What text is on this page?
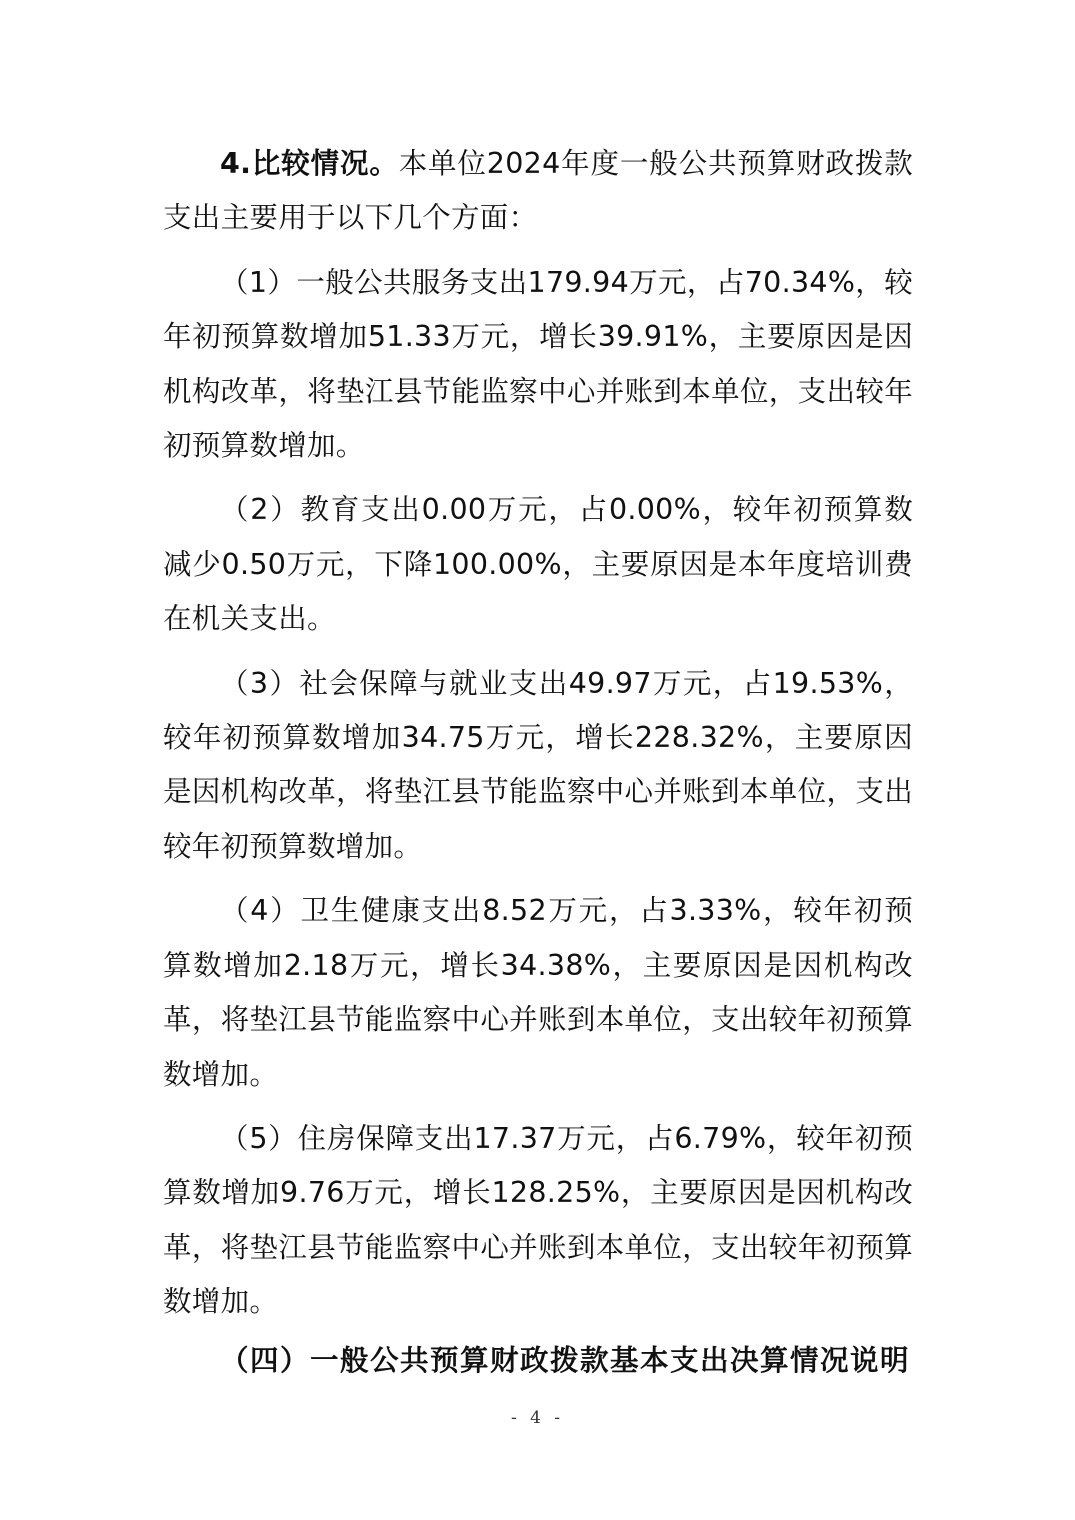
4.比较情况。本单位2024年度一般公共预算财政拨款支出主要用于以下几个方面：

（1）一般公共服务支出179.94万元，占70.34%，较年初预算数增加51.33万元，增长39.91%，主要原因是因机构改革，将垫江县节能监察中心并账到本单位，支出较年初预算数增加。

（2）教育支出0.00万元，占0.00%，较年初预算数减少0.50万元，下降100.00%，主要原因是本年度培训费在机关支出。

（3）社会保障与就业支出49.97万元，占19.53%，较年初预算数增加34.75万元，增长228.32%，主要原因是因机构改革，将垫江县节能监察中心并账到本单位，支出较年初预算数增加。

（4）卫生健康支出8.52万元，占3.33%，较年初预算数增加2.18万元，增长34.38%，主要原因是因机构改革，将垫江县节能监察中心并账到本单位，支出较年初预算数增加。

（5）住房保障支出17.37万元，占6.79%，较年初预算数增加9.76万元，增长128.25%，主要原因是因机构改革，将垫江县节能监察中心并账到本单位，支出较年初预算数增加。

（四）一般公共预算财政拨款基本支出决算情况说明

- 4 -
